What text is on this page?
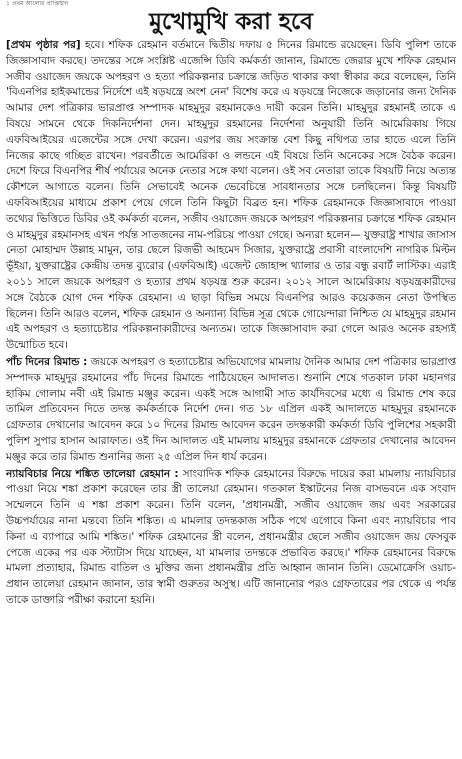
১ প্রথম আলোর প্রাপ্তিস্থান
মুখোমুখি করা হবে

[প্রথম পৃষ্ঠার পর] হবে। শফিক রেহমান বর্তমানে দ্বিতীয় দফায় ৫ দিনের রিমান্ডে রয়েছেন। ডিবি পুলিশ তাকে জিজ্ঞাসাবাদ করছে। তদন্তের সঙ্গে সংশ্লিষ্ট এজেন্সি ডিবি কর্মকর্তা জানান, রিমান্ডে জেরার মুখে শফিক রেহমান সজীব ওয়াজেদ জয়কে অপহরণ ও হত্যা পরিকল্পনার চক্রান্তে জড়িত থাকার কথা স্বীকার করে বলেছেন, তিনি 'বিএনপির হাইকমান্ডের নির্দেশে এই ষড়যন্ত্রে অংশ নেন' বিশেষ করে এ ষড়যন্ত্রে নিজেকে জড়ানোর জন্য দৈনিক আমার দেশ পত্রিকার ভারপ্রাপ্ত সম্পাদক মাহমুদুর রহমানকেও দায়ী করেন তিনি। মাহমুদুর রহমানই তাকে এ বিষয়ে সামনে থেকে দিকনির্দেশনা দেন। মাহমুদুর রহমানের নির্দেশনা অনুযায়ী তিনি আমেরিকায় গিয়ে এফবিআইয়ের এজেন্টের সঙ্গে দেখা করেন। এরপর জয় সংক্রান্ত বেশ কিছু নথিপত্র তার হাতে এলে তিনি নিজের কাছে গচ্ছিত রাখেন। পরবর্তীতে আমেরিকা ও লন্ডনে এই বিষয়ে তিনি অনেকের সঙ্গে বৈঠক করেন। দেশে ফিরে বিএনপির শীর্ষ পর্যায়ের অনেক নেতার সঙ্গে কথা বলেন। ওই সব নেতারা তাকে বিষয়টি নিয়ে অত্যন্ত কৌশলে আগাতে বলেন। তিনি সেভাবেই অনেক ভেবেচিন্তে সাবধানতার সঙ্গে চলছিলেন। কিন্তু বিষয়টি এফবিআইয়ের মাধ্যমে প্রকাশ পেয়ে গেলে তিনি কিছুটা বিব্রত হন। শফিক রেহমানকে জিজ্ঞাসাবাদে পাওয়া তথ্যের ভিত্তিতে ডিবির ওই কর্মকর্তা বলেন, সজীব ওয়াজেদ জয়কে অপহরণ পরিকল্পনার চক্রান্তে শফিক রেহমান ও মাহমুদুর রহমানসহ এখন পর্যন্ত সাতজনের নাম-পরিচয় পাওয়া গেছে। অন্যরা হলেন— যুক্তরাষ্ট্র শাখার জাসাস নেতা মোহাম্মদ উল্লাহ মামুন, তার ছেলে রিজভী আহমেদ সিজার, যুক্তরাষ্ট্রে প্রবাসী বাংলাদেশি নাগরিক মিল্টন ভূঁইয়া, যুক্তরাষ্ট্রের কেন্দ্রীয় তদন্ত ব্যুরোর (এফবিআই) এজেন্ট জোহান্স থ্যালার ও তার বন্ধু রবার্ট লাস্টিক। এরাই ২০১১ সালে জয়কে অপহরণ ও হত্যার প্রথম ষড়যন্ত্র শুরু করেন। ২০১২ সালে আমেরিকায় ষড়যন্ত্রকারীদের সঙ্গে বৈঠকে যোগ দেন শফিক রেহমান। এ ছাড়া বিভিন্ন সময়ে বিএনপির আরও কয়েকজন নেতা উপস্থিত ছিলেন। তিনি আরও বলেন, শফিক রেহমান ও অন্যান্য বিভিন্ন সূত্র থেকে গোয়েন্দারা নিশ্চিত যে মাহমুদুর রহমান এই অপহরণ ও হত্যাচেষ্টার পরিকল্পনাকারীদের অন্যতম। তাকে জিজ্ঞাসাবাদ করা গেলে আরও অনেক রহস্যই উন্মোচিত হবে।

পাঁচ দিনের রিমান্ড : জয়কে অপহরণ ও হত্যাচেষ্টার অভিযোগের মামলায় দৈনিক আমার দেশ পত্রিকার ভারপ্রাপ্ত সম্পাদক মাহমুদুর রহমানের পাঁচ দিনের রিমান্ডে পাঠিয়েছেন আদালত। শুনানি শেষে গতকাল ঢাকা মহানগর হাকিম গোলাম নবী এই রিমান্ড মঞ্জুর করেন। একই সঙ্গে আগামী সাত কার্যদিবসের মধ্যে এ রিমান্ড শেষ করে তামিল প্রতিবেদন দিতে তদন্ত কর্মকর্তাকে নির্দেশ দেন। গত ১৮ এপ্রিল একই আদালতে মাহমুদুর রহমানকে গ্রেফতার দেখানোর আবেদন করে ১০ দিনের রিমান্ড আবেদন করেন তদন্তকারী কর্মকর্তা ডিবি পুলিশের সহকারী পুলিশ সুপার হাসান আরাফাত। ওই দিন আদালত এই মামলায় মাহমুদুর রহমানকে গ্রেফতার দেখানোর আবেদন মঞ্জুর করে তার রিমান্ড শুনানির জন্য ২৫ এপ্রিল দিন ধার্য করেন।

ন্যায়বিচার নিয়ে শঙ্কিত তালেয়া রেহমান : সাংবাদিক শফিক রেহমানের বিরুদ্ধে দায়ের করা মামলায় ন্যায়বিচার পাওয়া নিয়ে শঙ্কা প্রকাশ করেছেন তার স্ত্রী তালেয়া রেহমান। গতকাল ইস্কাটনের নিজ বাসভবনে এক সংবাদ সম্মেলনে তিনি এ শঙ্কা প্রকাশ করেন। তিনি বলেন, 'প্রধানমন্ত্রী, সজীব ওয়াজেদ জয় এবং সরকারের উচ্চপর্যায়ের নানা মন্তব্যে তিনি শঙ্কিত। এ মামলার তদন্তকাজ সঠিক পথে এগোবে কিনা এবং ন্যায়বিচার পাব কিনা এ ব্যাপারে আমি শঙ্কিত।' শফিক রেহমানের স্ত্রী বলেন, প্রধানমন্ত্রীর ছেলে সজীব ওয়াজেদ জয় ফেসবুক পেজে একের পর এক স্ট্যাটাস দিয়ে যাচ্ছেন, যা মামলার তদন্তকে প্রভাবিত করছে।' শফিক রেহমানের বিরুদ্ধে মামলা প্রত্যাহার, রিমান্ড বাতিল ও মুক্তির জন্য প্রধানমন্ত্রীর প্রতি আহ্বান জানান তিনি। ডেমোক্রেসি ওয়াচ-প্রধান তালেয়া রেহমান জানান, তার স্বামী গুরুতর অসুস্থ। এটি জানানোর পরও গ্রেফতারের পর থেকে এ পর্যন্ত তাকে ডাক্তারি পরীক্ষা করানো হয়নি।
